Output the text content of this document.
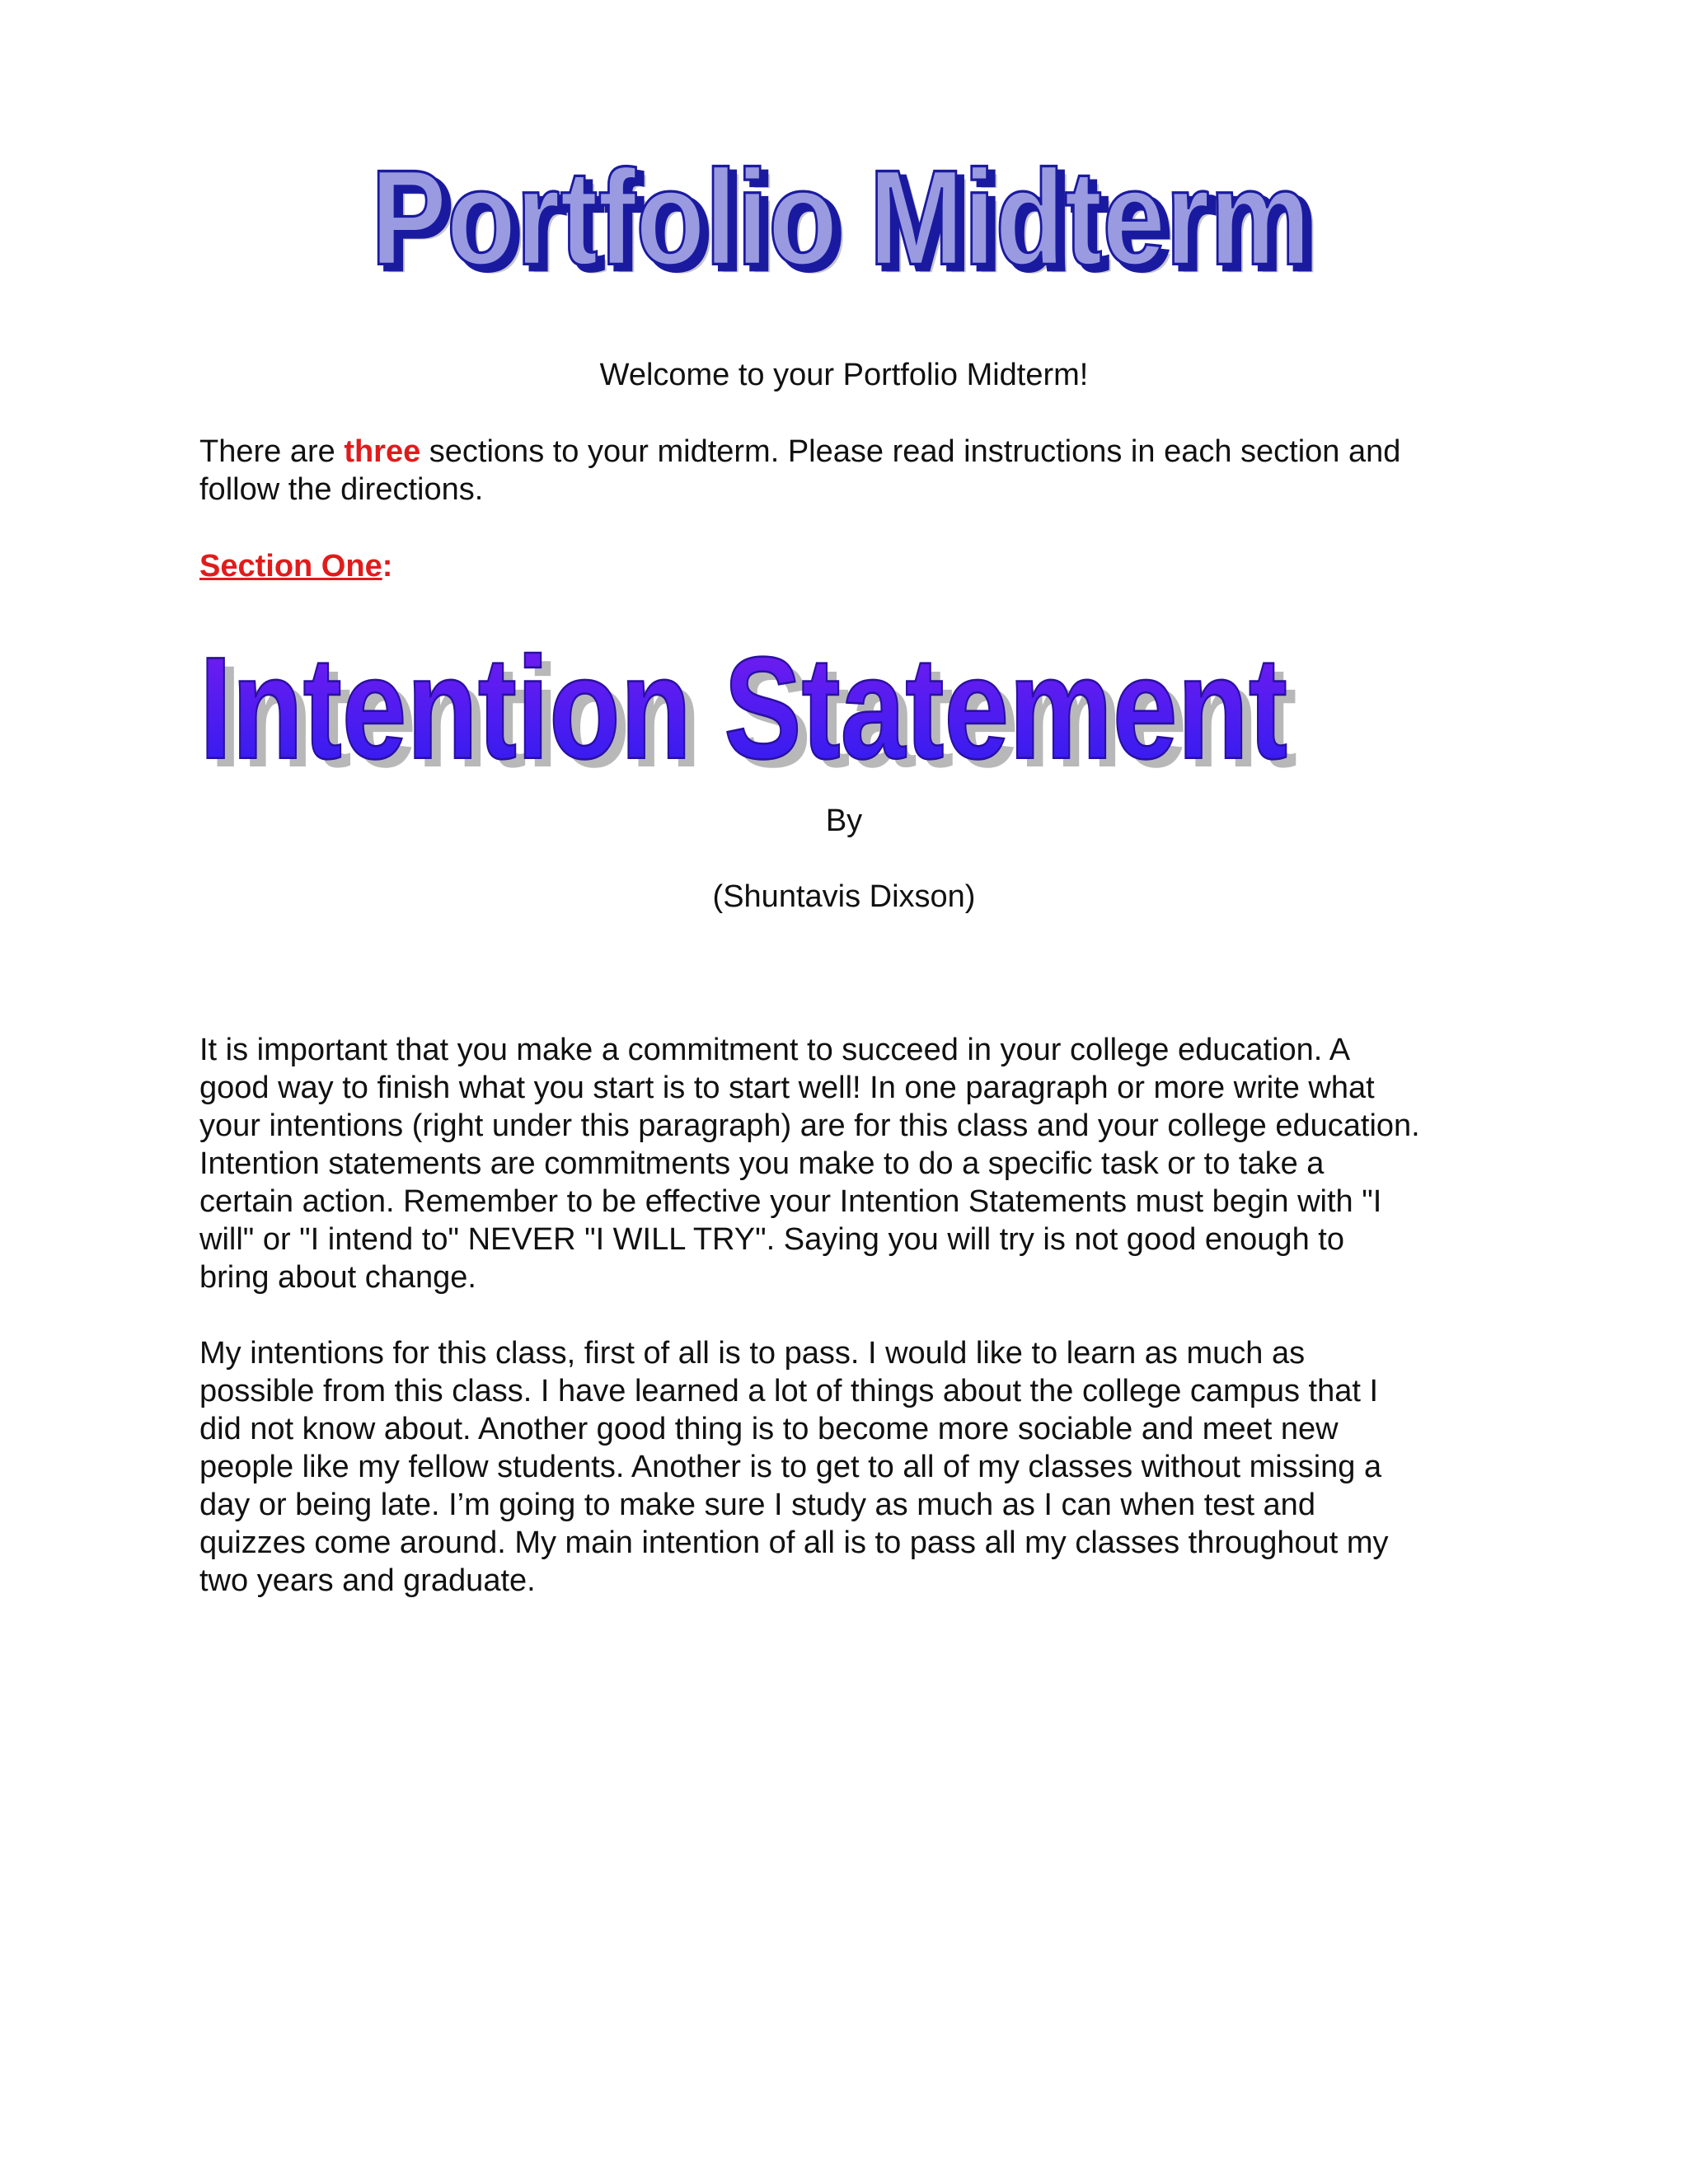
Portfolio Midterm
Portfolio Midterm
Portfolio Midterm
Welcome to your Portfolio Midterm!
There are three sections to your midterm. Please read instructions in each section and
follow the directions.
Section One:
Intention Statement
Intention Statement
By
(Shuntavis Dixson)
It is important that you make a commitment to succeed in your college education. A
good way to finish what you start is to start well! In one paragraph or more write what
your intentions (right under this paragraph) are for this class and your college education.
Intention statements are commitments you make to do a specific task or to take a
certain action. Remember to be effective your Intention Statements must begin with "I
will" or "I intend to" NEVER "I WILL TRY". Saying you will try is not good enough to
bring about change.
My intentions for this class, first of all is to pass. I would like to learn as much as
possible from this class. I have learned a lot of things about the college campus that I
did not know about. Another good thing is to become more sociable and meet new
people like my fellow students. Another is to get to all of my classes without missing a
day or being late. I’m going to make sure I study as much as I can when test and
quizzes come around. My main intention of all is to pass all my classes throughout my
two years and graduate.
